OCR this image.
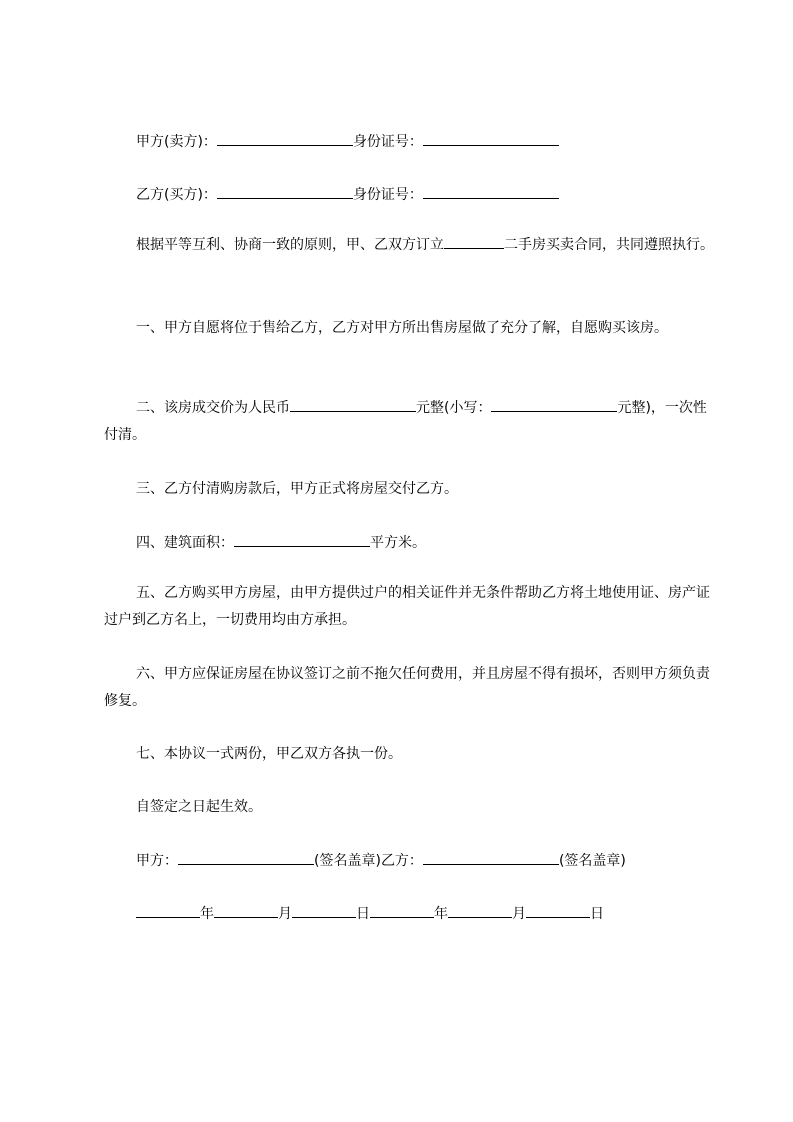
甲方(卖方)：	身份证号：
乙方(买方)：	身份证号：
根据平等互利、协商一致的原则，甲、乙双方订立	二手房买卖合同，共同遵照执行。
一、甲方自愿将位于售给乙方，乙方对甲方所出售房屋做了充分了解，自愿购买该房。
二、该房成交价为人民币	元整(小写：	元整)，一次性付清。
三、乙方付清购房款后，甲方正式将房屋交付乙方。
四、建筑面积：	平方米。
五、乙方购买甲方房屋，由甲方提供过户的相关证件并无条件帮助乙方将土地使用证、房产证过户到乙方名上，一切费用均由方承担。
六、甲方应保证房屋在协议签订之前不拖欠任何费用，并且房屋不得有损坏，否则甲方须负责修复。
七、本协议一式两份，甲乙双方各执一份。
自签定之日起生效。
甲方：	(签名盖章)乙方：	(签名盖章)
年	月	日	年	月	日
